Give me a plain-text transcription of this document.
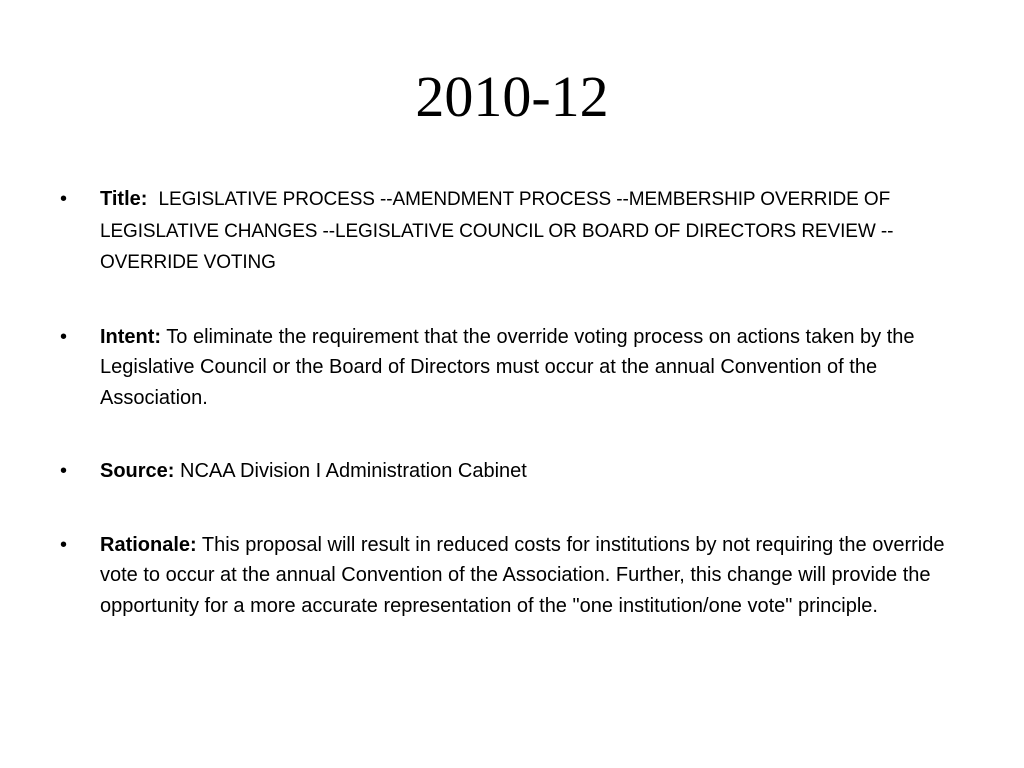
2010-12
• Title: LEGISLATIVE PROCESS --AMENDMENT PROCESS --MEMBERSHIP OVERRIDE OF LEGISLATIVE CHANGES --LEGISLATIVE COUNCIL OR BOARD OF DIRECTORS REVIEW --OVERRIDE VOTING
• Intent: To eliminate the requirement that the override voting process on actions taken by the Legislative Council or the Board of Directors must occur at the annual Convention of the Association.
• Source: NCAA Division I Administration Cabinet
• Rationale: This proposal will result in reduced costs for institutions by not requiring the override vote to occur at the annual Convention of the Association. Further, this change will provide the opportunity for a more accurate representation of the "one institution/one vote" principle.
